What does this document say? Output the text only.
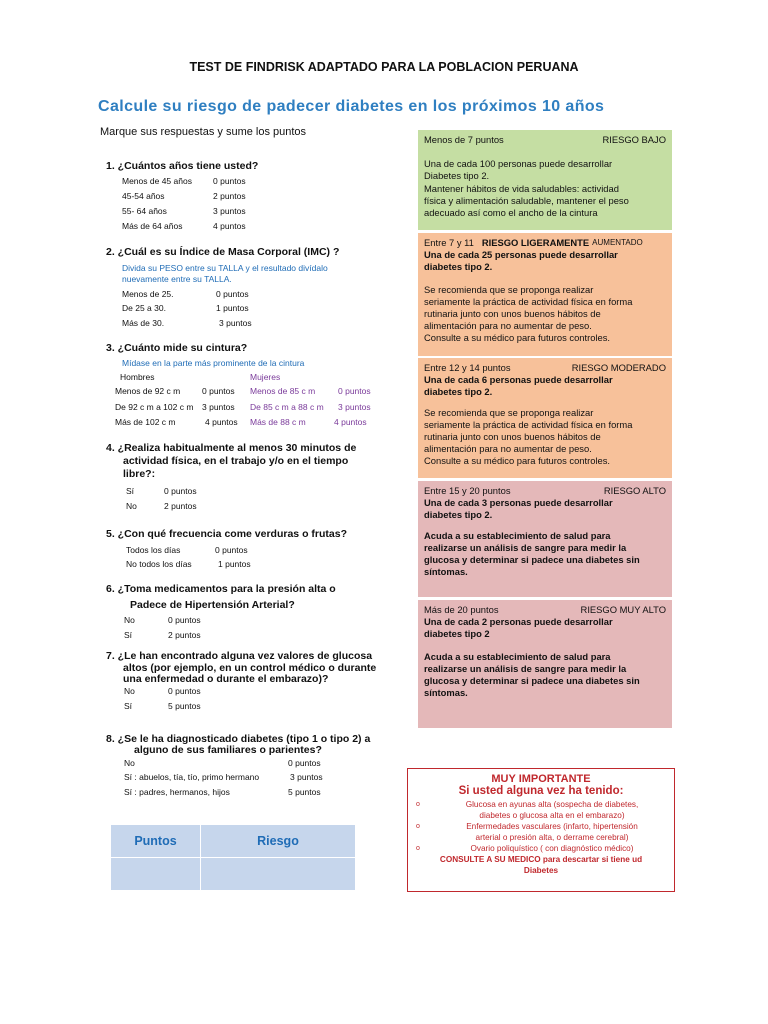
TEST DE FINDRISK ADAPTADO PARA LA POBLACION PERUANA
Calcule su riesgo de padecer diabetes en los próximos 10 años
Marque sus respuestas y sume los puntos
1. ¿Cuántos años tiene usted?
Menos de 45 años 0 puntos
45-54 años	2 puntos
55- 64 años	3 puntos
Más de 64 años	4 puntos
2. ¿Cuál es su Índice de Masa Corporal (IMC) ?
Divida su PESO entre su TALLA y el resultado divídalo
nuevamente entre su TALLA.
Menos de 25.	0 puntos
De 25 a 30.	1 puntos
Más de 30.	3 puntos
3. ¿Cuánto mide su cintura?
Mídase en la parte más prominente de la cintura
Hombres	Mujeres
Menos de 92 c m	0 puntos Menos de 85 c m	0 puntos
De 92 c m a 102 c m 3 puntos De 85 c m a 88 c m 3 puntos
Más de 102 c m	4 puntos Más de 88 c m	4 puntos
4. ¿Realiza habitualmente al menos 30 minutos de
actividad física, en el trabajo y/o en el tiempo
libre?:
Sí	0 puntos
No	2 puntos
5. ¿Con qué frecuencia come verduras o frutas?
Todos los días	0 puntos
No todos los días	1 puntos
6. ¿Toma medicamentos para la presión alta o
Padece de Hipertensión Arterial?
No	0 puntos
Sí	2 puntos
7. ¿Le han encontrado alguna vez valores de glucosa
altos (por ejemplo, en un control médico o durante
una enfermedad o durante el embarazo)?
No	0 puntos
Sí	5 puntos
8. ¿Se le ha diagnosticado diabetes (tipo 1 o tipo 2) a
alguno de sus familiares o parientes?
No	0 puntos
Sí : abuelos, tía, tío, primo hermano	3 puntos
Sí : padres, hermanos, hijos	5 puntos
Puntos	Riesgo

Menos de 7 puntos	RIESGO BAJO

Una de cada 100 personas puede desarrollar

Diabetes tipo 2.

Mantener hábitos de vida saludables: actividad

física y alimentación saludable, mantener el peso

adecuado así como el ancho de la cintura

Entre 7 y 11 RIESGO LIGERAMENTE AUMENTADO

Una de cada 25 personas puede desarrollar

diabetes tipo 2.

Se recomienda que se proponga realizar

seriamente la práctica de actividad física en forma

rutinaria junto con unos buenos hábitos de

alimentación para no aumentar de peso.

Consulte a su médico para futuros controles.

Entre 12 y 14 puntos	RIESGO MODERADO

Una de cada 6 personas puede desarrollar

diabetes tipo 2.

Se recomienda que se proponga realizar

seriamente la práctica de actividad física en forma

rutinaria junto con unos buenos hábitos de

alimentación para no aumentar de peso.

Consulte a su médico para futuros controles.

Entre 15 y 20 puntos	RIESGO ALTO

Una de cada 3 personas puede desarrollar

diabetes tipo 2.

Acuda a su establecimiento de salud para

realizarse un análisis de sangre para medir la

glucosa y determinar si padece una diabetes sin

síntomas.

Más de 20 puntos	RIESGO MUY ALTO

Una de cada 2 personas puede desarrollar

diabetes tipo 2

Acuda a su establecimiento de salud para

realizarse un análisis de sangre para medir la

glucosa y determinar si padece una diabetes sin

síntomas.

MUY IMPORTANTE
Si usted alguna vez ha tenido:
o	Glucosa en ayunas alta (sospecha de diabetes,
diabetes o glucosa alta en el embarazo)
o	Enfermedades vasculares (infarto, hipertensión
arterial o presión alta, o derrame cerebral)
o	Ovario poliquístico ( con diagnóstico médico)
CONSULTE A SU MEDICO para descartar si tiene ud
Diabetes
